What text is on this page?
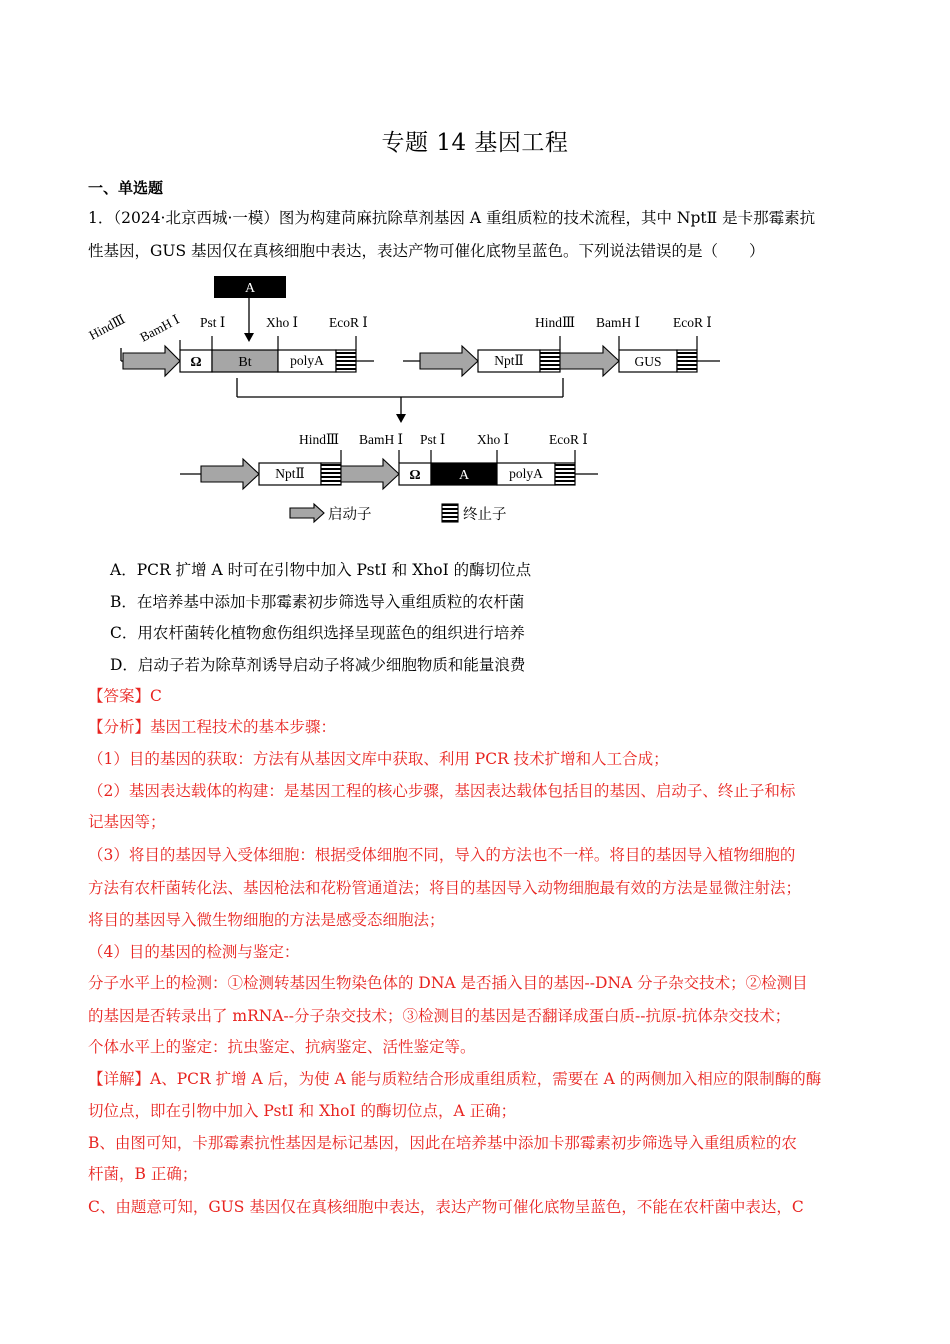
专题 14 基因工程
一、单选题
1．（2024·北京西城·一模）图为构建苘麻抗除草剂基因 A 重组质粒的技术流程，其中 NptⅡ 是卡那霉素抗
性基因，GUS 基因仅在真核细胞中表达，表达产物可催化底物呈蓝色。下列说法错误的是（　　）
A
HindⅢ BamH Ⅰ Pst Ⅰ	Xho Ⅰ EcoR Ⅰ
Ω	Bt	polyA
HindⅢ BamH Ⅰ EcoR Ⅰ
NptⅡ	GUS
HindⅢ BamH Ⅰ Pst Ⅰ Xho Ⅰ	EcoR Ⅰ
NptⅡ	Ω	A	polyA
启动子	终止子
A．PCR 扩增 A 时可在引物中加入 PstI 和 XhoI 的酶切位点
B．在培养基中添加卡那霉素初步筛选导入重组质粒的农杆菌
C．用农杆菌转化植物愈伤组织选择呈现蓝色的组织进行培养
D．启动子若为除草剂诱导启动子将减少细胞物质和能量浪费
【答案】C
【分析】基因工程技术的基本步骤：
（1）目的基因的获取：方法有从基因文库中获取、利用 PCR 技术扩增和人工合成；
（2）基因表达载体的构建：是基因工程的核心步骤，基因表达载体包括目的基因、启动子、终止子和标
记基因等；
（3）将目的基因导入受体细胞：根据受体细胞不同，导入的方法也不一样。将目的基因导入植物细胞的
方法有农杆菌转化法、基因枪法和花粉管通道法；将目的基因导入动物细胞最有效的方法是显微注射法；
将目的基因导入微生物细胞的方法是感受态细胞法；
（4）目的基因的检测与鉴定：
分子水平上的检测：①检测转基因生物染色体的 DNA 是否插入目的基因--DNA 分子杂交技术；②检测目
的基因是否转录出了 mRNA--分子杂交技术；③检测目的基因是否翻译成蛋白质--抗原-抗体杂交技术；
个体水平上的鉴定：抗虫鉴定、抗病鉴定、活性鉴定等。
【详解】A、PCR 扩增 A 后，为使 A 能与质粒结合形成重组质粒，需要在 A 的两侧加入相应的限制酶的酶
切位点，即在引物中加入 PstI 和 XhoI 的酶切位点，A 正确；
B、由图可知，卡那霉素抗性基因是标记基因，因此在培养基中添加卡那霉素初步筛选导入重组质粒的农
杆菌，B 正确；
C、由题意可知，GUS 基因仅在真核细胞中表达，表达产物可催化底物呈蓝色，不能在农杆菌中表达，C
